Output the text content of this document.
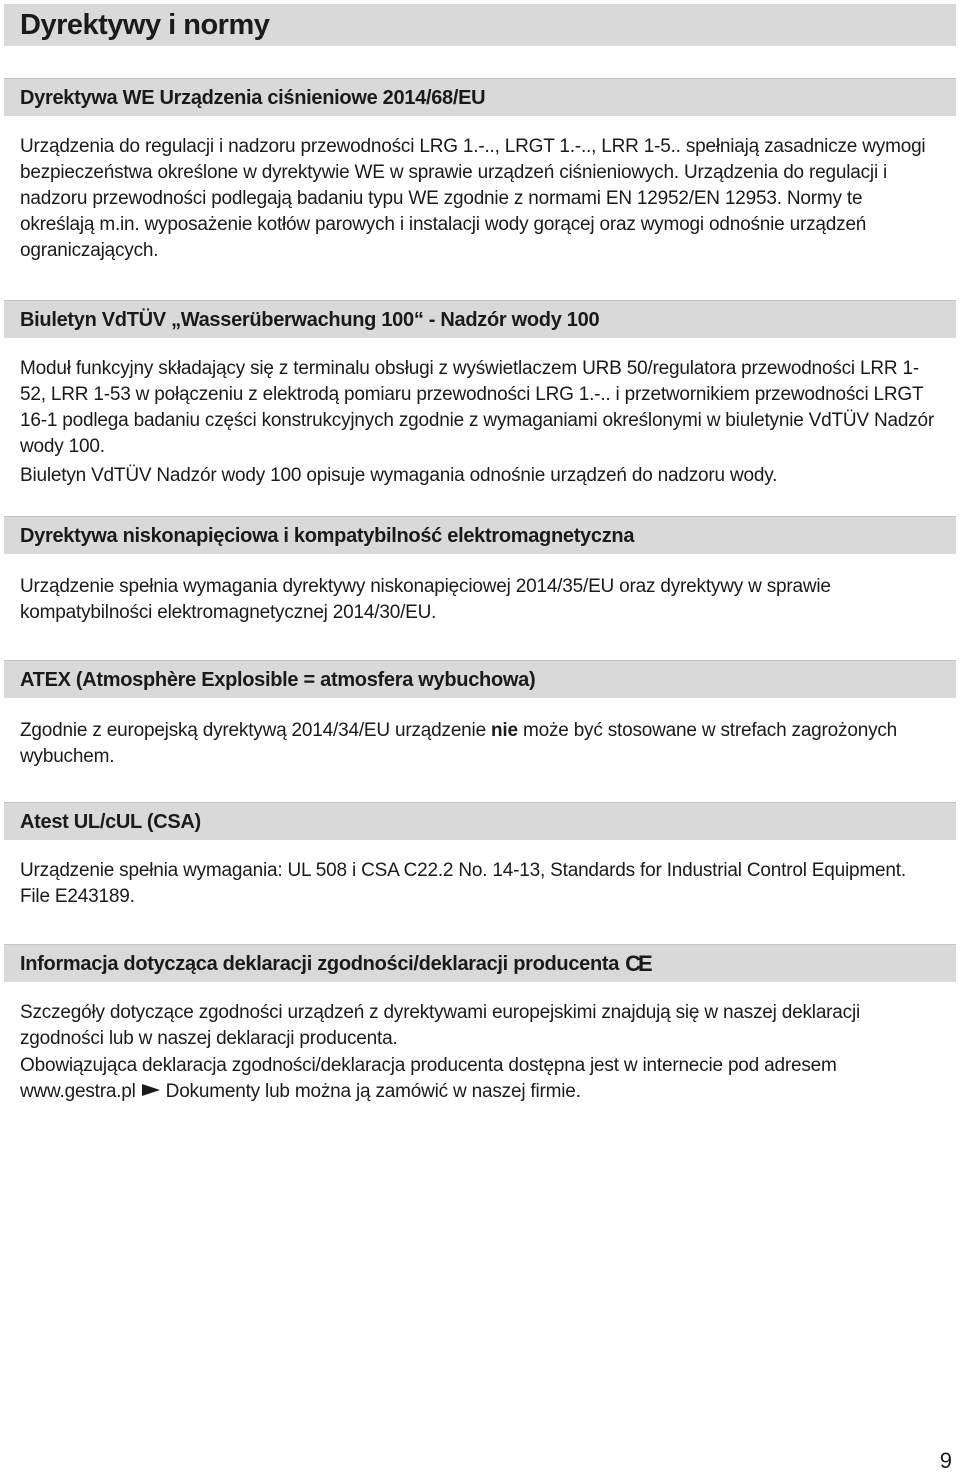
Dyrektywy i normy
Dyrektywa WE Urządzenia ciśnieniowe 2014/68/EU

Urządzenia do regulacji i nadzoru przewodności LRG 1.-.., LRGT 1.-.., LRR 1-5.. spełniają zasadnicze wymogi bezpieczeństwa określone w dyrektywie WE w sprawie urządzeń ciśnieniowych. Urządzenia do regulacji i nadzoru przewodności podlegają badaniu typu WE zgodnie z normami EN 12952/EN 12953. Normy te określają m.in. wyposażenie kotłów parowych i instalacji wody gorącej oraz wymogi odnośnie urządzeń ograniczających.

Biuletyn VdTÜV „Wasserüberwachung 100“ - Nadzór wody 100

Moduł funkcyjny składający się z terminalu obsługi z wyświetlaczem URB 50/regulatora przewodności LRR 1-52, LRR 1-53 w połączeniu z elektrodą pomiaru przewodności LRG 1.-.. i przetwornikiem przewodności LRGT 16-1 podlega badaniu części konstrukcyjnych zgodnie z wymaganiami określonymi w biuletynie VdTÜV Nadzór wody 100.

Biuletyn VdTÜV Nadzór wody 100 opisuje wymagania odnośnie urządzeń do nadzoru wody.

Dyrektywa niskonapięciowa i kompatybilność elektromagnetyczna

Urządzenie spełnia wymagania dyrektywy niskonapięciowej 2014/35/EU oraz dyrektywy w sprawie kompatybilności elektromagnetycznej 2014/30/EU.

ATEX (Atmosphère Explosible = atmosfera wybuchowa)

Zgodnie z europejską dyrektywą 2014/34/EU urządzenie nie może być stosowane w strefach zagrożonych wybuchem.

Atest UL/cUL (CSA)

Urządzenie spełnia wymagania: UL 508 i CSA C22.2 No. 14-13, Standards for Industrial Control Equipment. File E243189.

Informacja dotycząca deklaracji zgodności/deklaracji producenta CE

Szczegóły dotyczące zgodności urządzeń z dyrektywami europejskimi znajdują się w naszej deklaracji zgodności lub w naszej deklaracji producenta.

Obowiązująca deklaracja zgodności/deklaracja producenta dostępna jest w internecie pod adresem www.gestra.pl Dokumenty lub można ją zamówić w naszej firmie.

9
